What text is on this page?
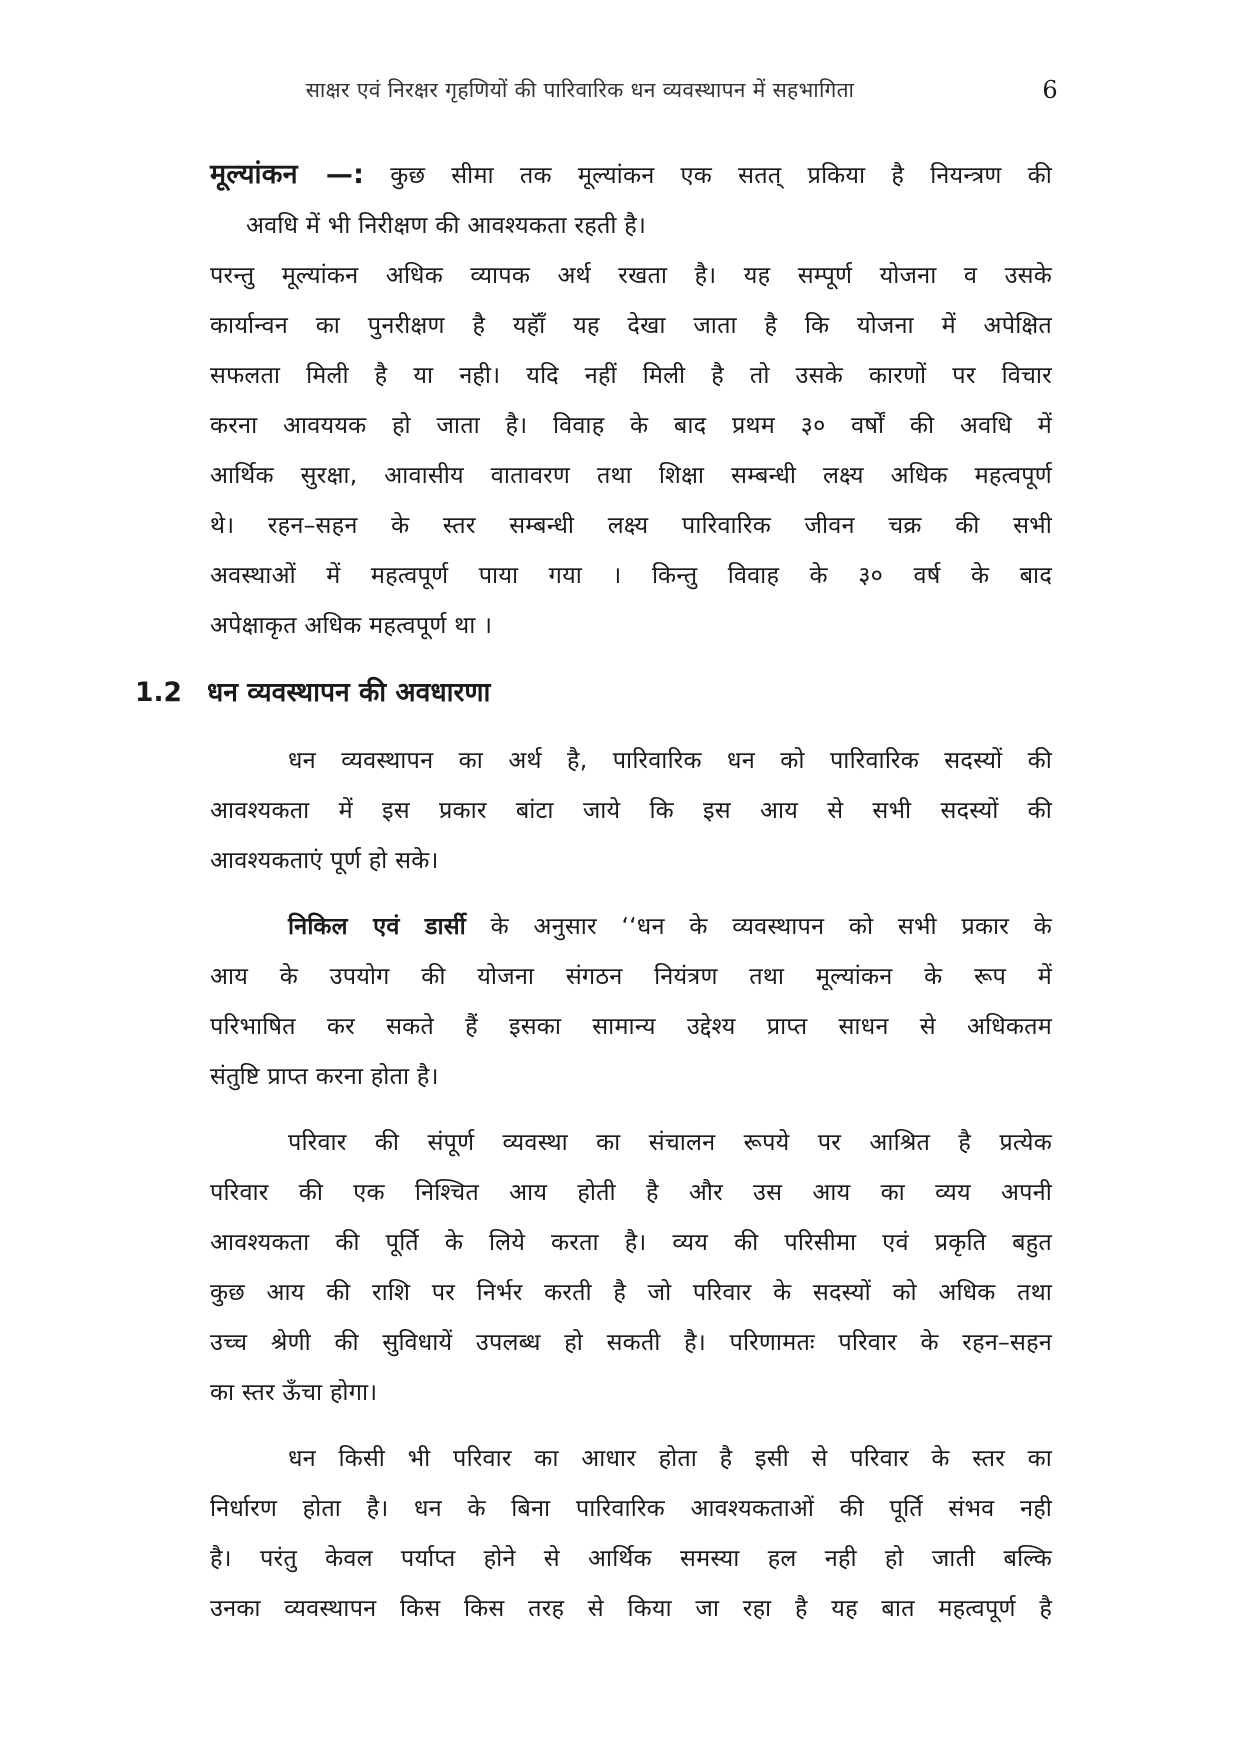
साक्षर एवं निरक्षर गृहणियों की पारिवारिक धन व्यवस्थापन में सहभागिता	6
मूल्यांकन —: कुछ सीमा तक मूल्यांकन एक सतत् प्रकिया है नियन्त्रण की
अवधि में भी निरीक्षण की आवश्यकता रहती है।
परन्तु मूल्यांकन अधिक व्यापक अर्थ रखता है। यह सम्पूर्ण योजना व उसके
कार्यान्वन का पुनरीक्षण है यहॅाँ यह देखा जाता है कि योजना में अपेक्षित
सफलता मिली है या नही। यदि नहीं मिली है तो उसके कारणों पर विचार
करना आवययक हो जाता है। विवाह के बाद प्रथम ३० वर्षों की अवधि में
आर्थिक सुरक्षा, आवासीय वातावरण तथा शिक्षा सम्बन्धी लक्ष्य अधिक महत्वपूर्ण
थे। रहन–सहन के स्तर सम्बन्धी लक्ष्य पारिवारिक जीवन चक्र की सभी
अवस्थाओं में महत्वपूर्ण पाया गया । किन्तु विवाह के ३० वर्ष के बाद
अपेक्षाकृत अधिक महत्वपूर्ण था ।
1.2 धन व्यवस्थापन की अवधारणा
धन व्यवस्थापन का अर्थ है, पारिवारिक धन को पारिवारिक सदस्यों की
आवश्यकता में इस प्रकार बांटा जाये कि इस आय से सभी सदस्यों की
आवश्यकताएं पूर्ण हो सके।
निकिल एवं डार्सी के अनुसार ‘‘धन के व्यवस्थापन को सभी प्रकार के
आय के उपयोग की योजना संगठन नियंत्रण तथा मूल्यांकन के रूप में
परिभाषित कर सकते हैं इसका सामान्य उद्देश्य प्राप्त साधन से अधिकतम
संतुष्टि प्राप्त करना होता है।
परिवार की संपूर्ण व्यवस्था का संचालन रूपये पर आश्रित है प्रत्येक
परिवार की एक निश्चित आय होती है और उस आय का व्यय अपनी
आवश्यकता की पूर्ति के लिये करता है। व्यय की परिसीमा एवं प्रकृति बहुत
कुछ आय की राशि पर निर्भर करती है जो परिवार के सदस्यों को अधिक तथा
उच्च श्रेणी की सुविधायें उपलब्ध हो सकती है। परिणामतः परिवार के रहन–सहन
का स्तर ऊँचा होगा।
धन किसी भी परिवार का आधार होता है इसी से परिवार के स्तर का
निर्धारण होता है। धन के बिना पारिवारिक आवश्यकताओं की पूर्ति संभव नही
है। परंतु केवल पर्याप्त होने से आर्थिक समस्या हल नही हो जाती बल्कि
उनका व्यवस्थापन किस किस तरह से किया जा रहा है यह बात महत्वपूर्ण है
